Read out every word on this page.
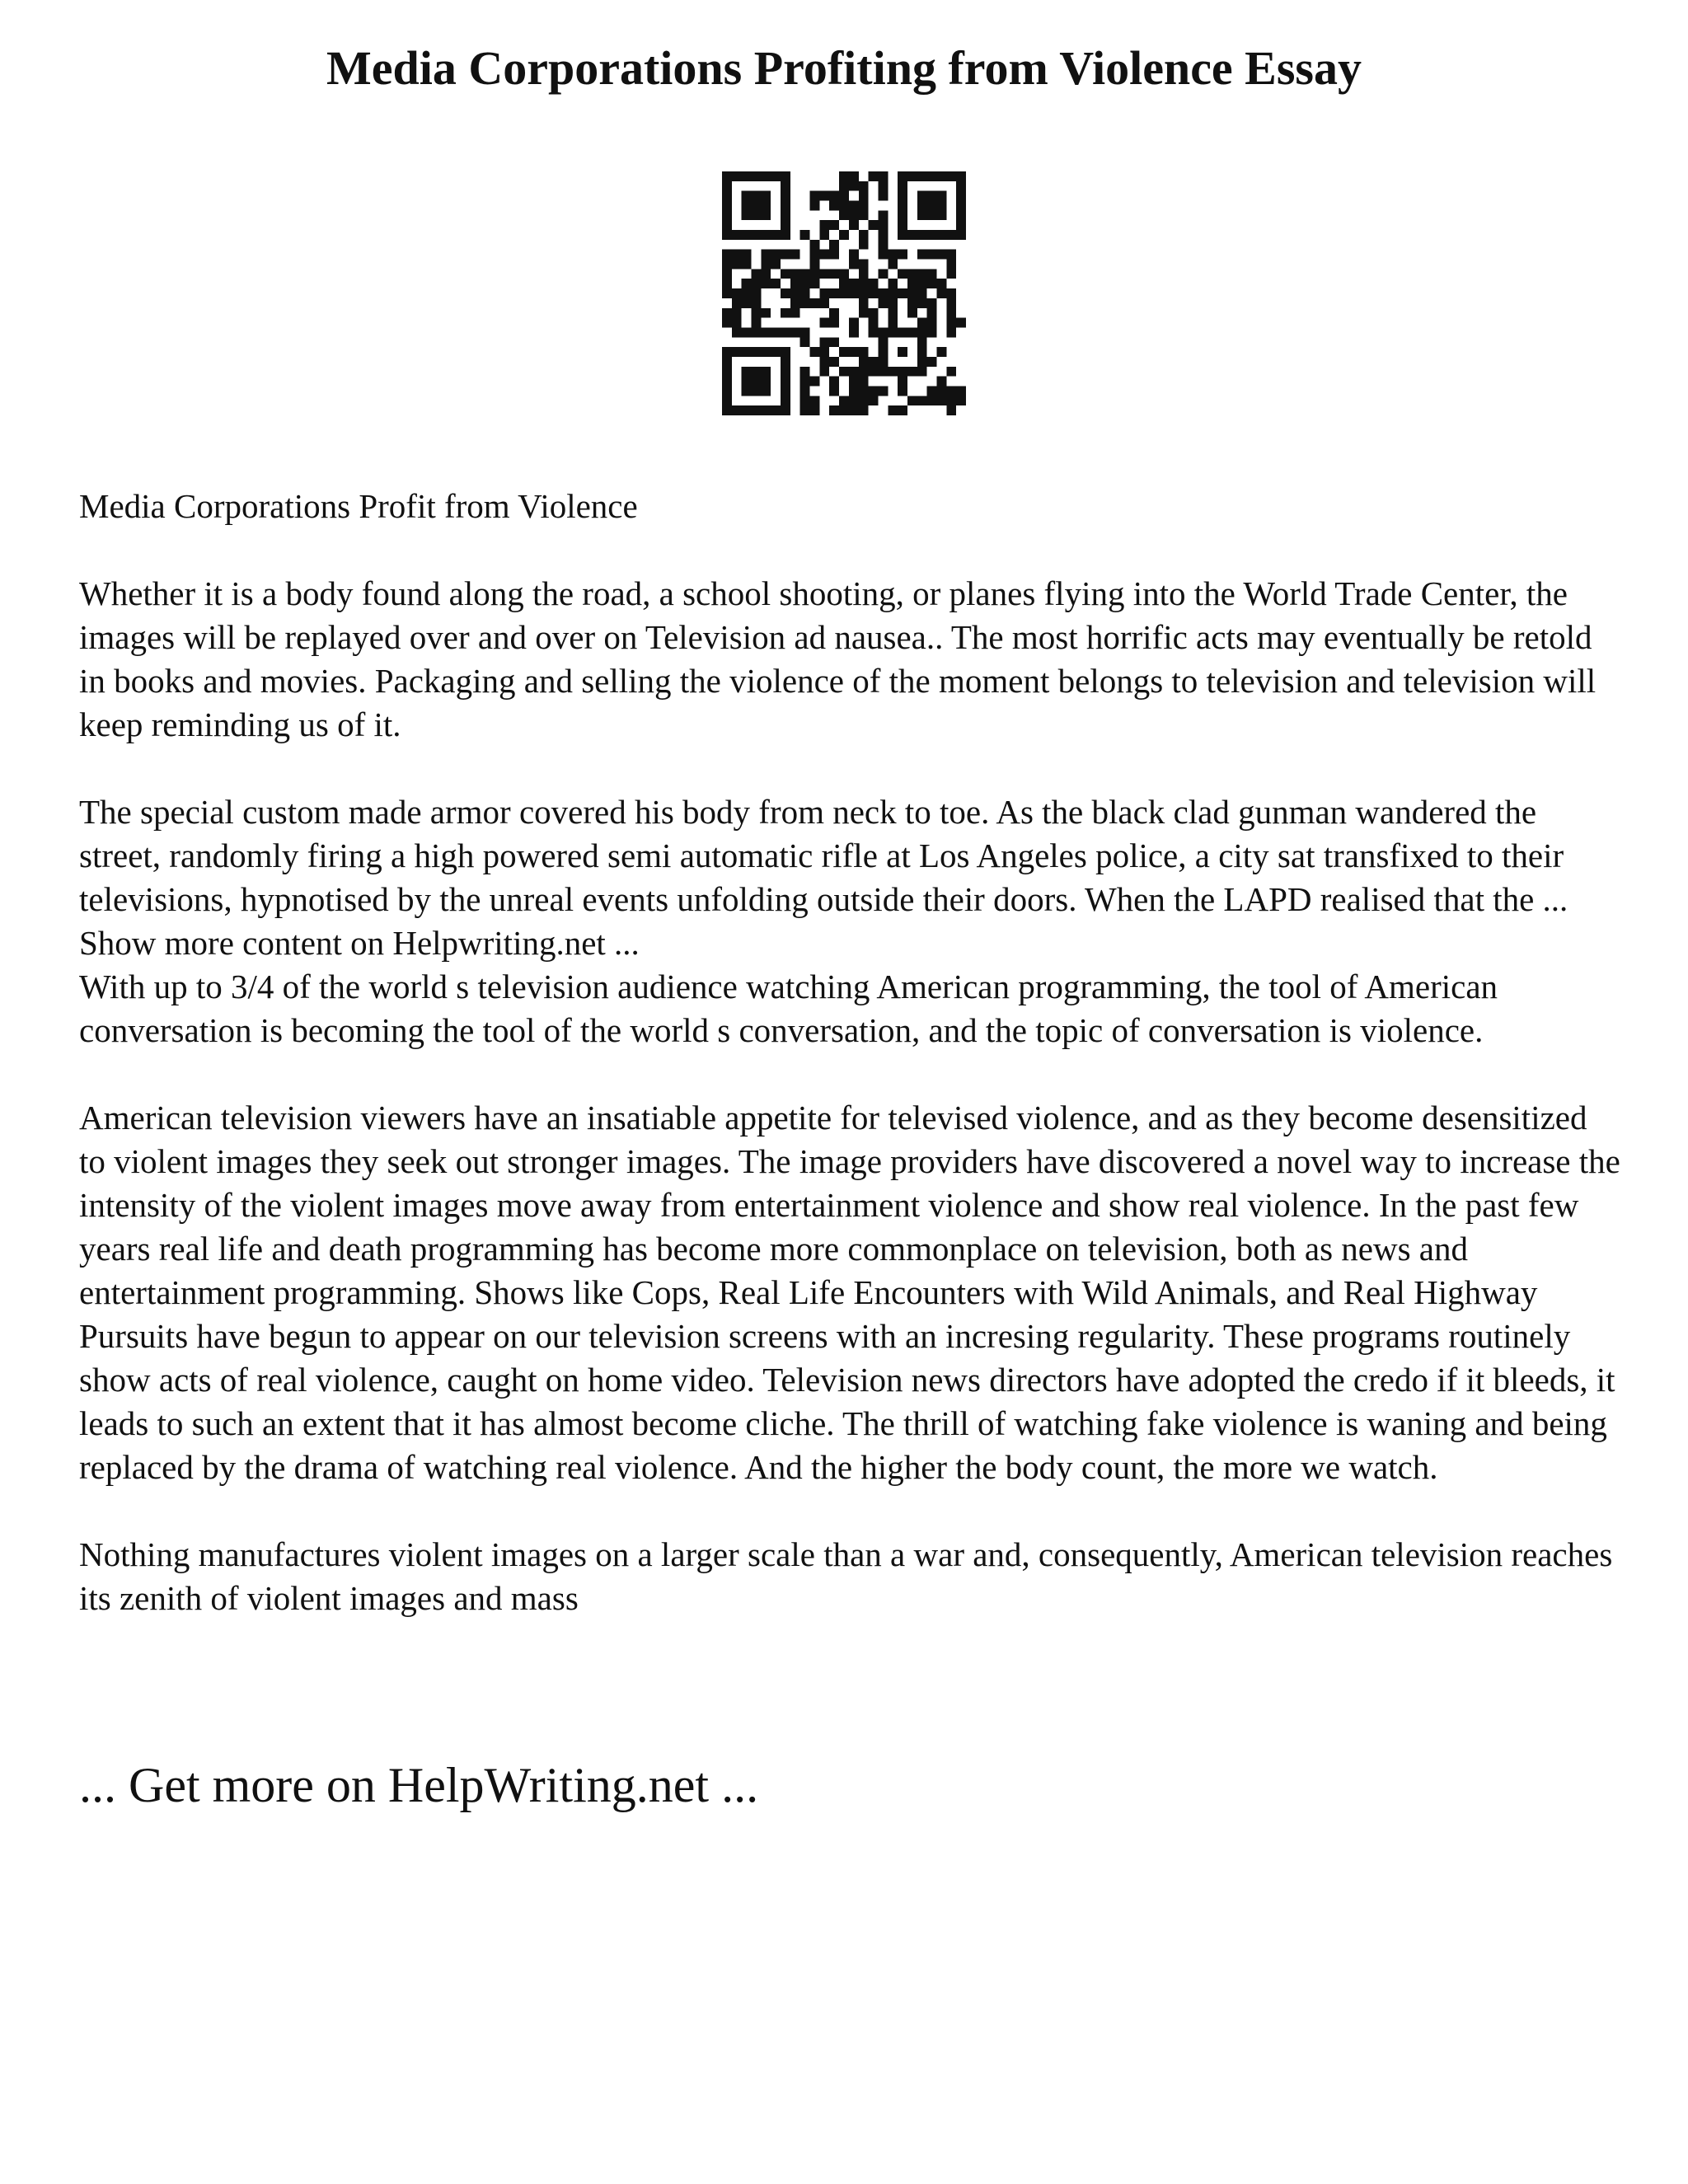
Media Corporations Profiting from Violence Essay

Media Corporations Profit from Violence

Whether it is a body found along the road, a school shooting, or planes flying into the World Trade Center, the images will be replayed over and over on Television ad nausea.. The most horrific acts may eventually be retold in books and movies. Packaging and selling the violence of the moment belongs to television and television will keep reminding us of it.

The special custom made armor covered his body from neck to toe. As the black clad gunman wandered the street, randomly firing a high powered semi automatic rifle at Los Angeles police, a city sat transfixed to their televisions, hypnotised by the unreal events unfolding outside their doors. When the LAPD realised that the ... Show more content on Helpwriting.net ...

With up to 3/4 of the world s television audience watching American programming, the tool of American conversation is becoming the tool of the world s conversation, and the topic of conversation is violence.

American television viewers have an insatiable appetite for televised violence, and as they become desensitized to violent images they seek out stronger images. The image providers have discovered a novel way to increase the intensity of the violent images move away from entertainment violence and show real violence. In the past few years real life and death programming has become more commonplace on television, both as news and entertainment programming. Shows like Cops, Real Life Encounters with Wild Animals, and Real Highway Pursuits have begun to appear on our television screens with an incresing regularity. These programs routinely show acts of real violence, caught on home video. Television news directors have adopted the credo if it bleeds, it leads to such an extent that it has almost become cliche. The thrill of watching fake violence is waning and being replaced by the drama of watching real violence. And the higher the body count, the more we watch.

Nothing manufactures violent images on a larger scale than a war and, consequently, American television reaches its zenith of violent images and mass

... Get more on HelpWriting.net ...
